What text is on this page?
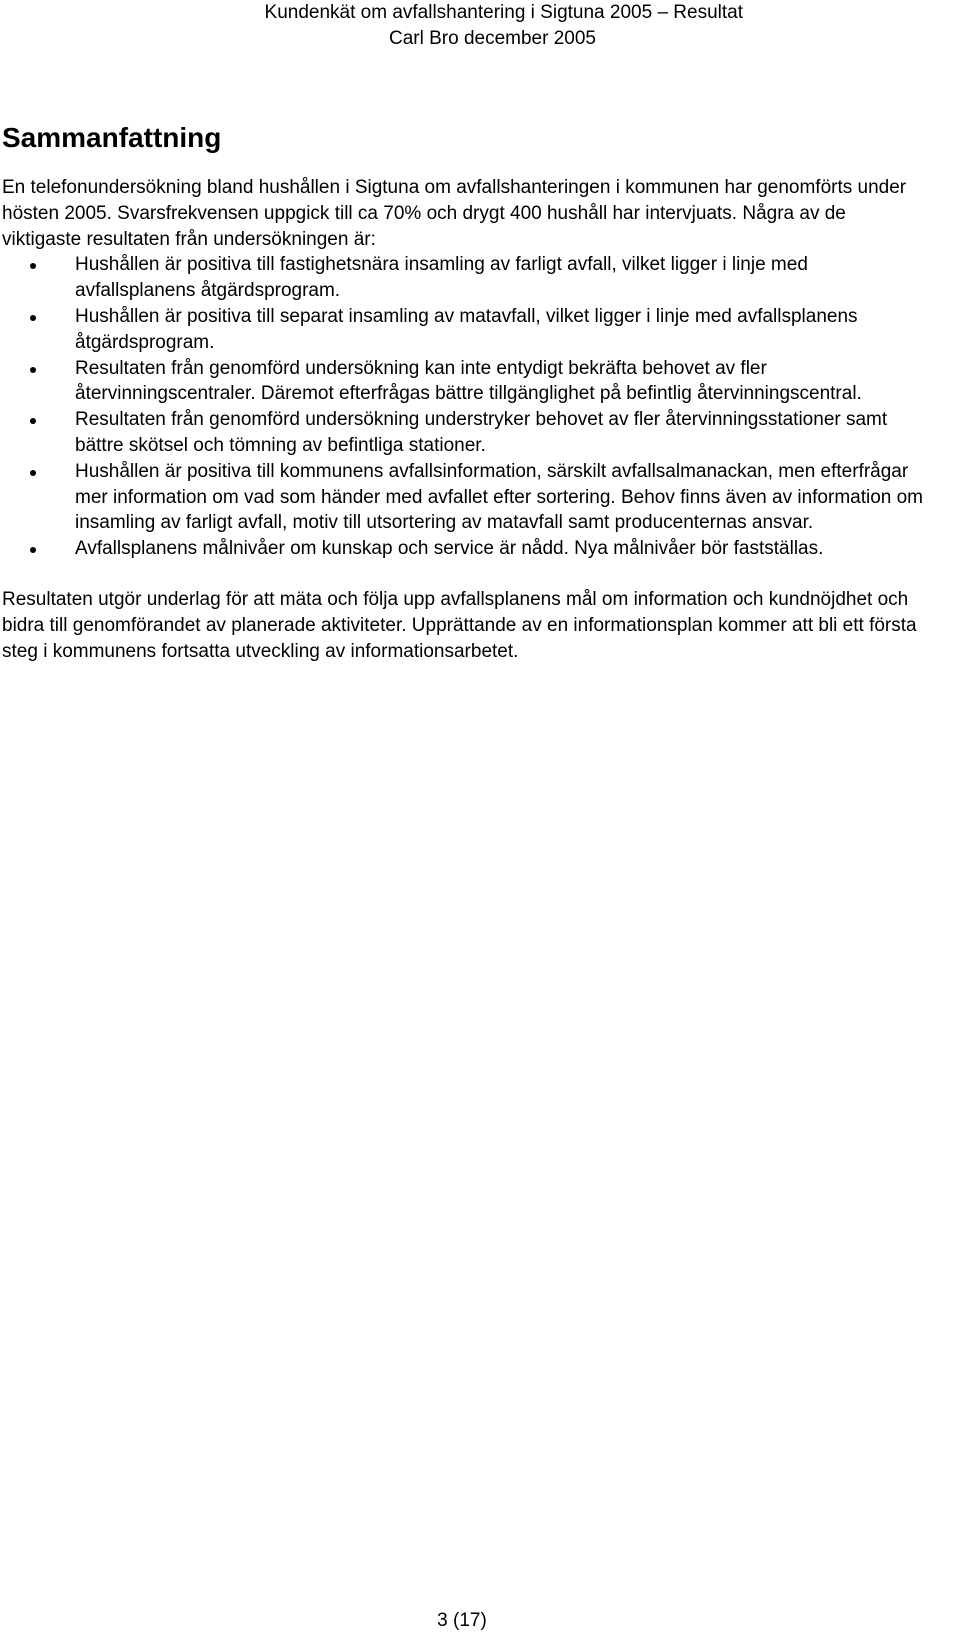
Kundenkät om avfallshantering i Sigtuna 2005 – Resultat
Carl Bro december 2005
Sammanfattning

En telefonundersökning bland hushållen i Sigtuna om avfallshanteringen i kommunen har genomförts under hösten 2005. Svarsfrekvensen uppgick till ca 70% och drygt 400 hushåll har intervjuats. Några av de viktigaste resultaten från undersökningen är:

Hushållen är positiva till fastighetsnära insamling av farligt avfall, vilket ligger i linje med avfallsplanens åtgärdsprogram.
Hushållen är positiva till separat insamling av matavfall, vilket ligger i linje med avfallsplanens åtgärdsprogram.
Resultaten från genomförd undersökning kan inte entydigt bekräfta behovet av fler återvinningscentraler. Däremot efterfrågas bättre tillgänglighet på befintlig återvinningscentral.
Resultaten från genomförd undersökning understryker behovet av fler återvinningsstationer samt bättre skötsel och tömning av befintliga stationer.
Hushållen är positiva till kommunens avfallsinformation, särskilt avfallsalmanackan, men efterfrågar mer information om vad som händer med avfallet efter sortering. Behov finns även av information om insamling av farligt avfall, motiv till utsortering av matavfall samt producenternas ansvar.
Avfallsplanens målnivåer om kunskap och service är nådd. Nya målnivåer bör fastställas.

Resultaten utgör underlag för att mäta och följa upp avfallsplanens mål om information och kundnöjdhet och bidra till genomförandet av planerade aktiviteter. Upprättande av en informationsplan kommer att bli ett första steg i kommunens fortsatta utveckling av informationsarbetet.

3 (17)
